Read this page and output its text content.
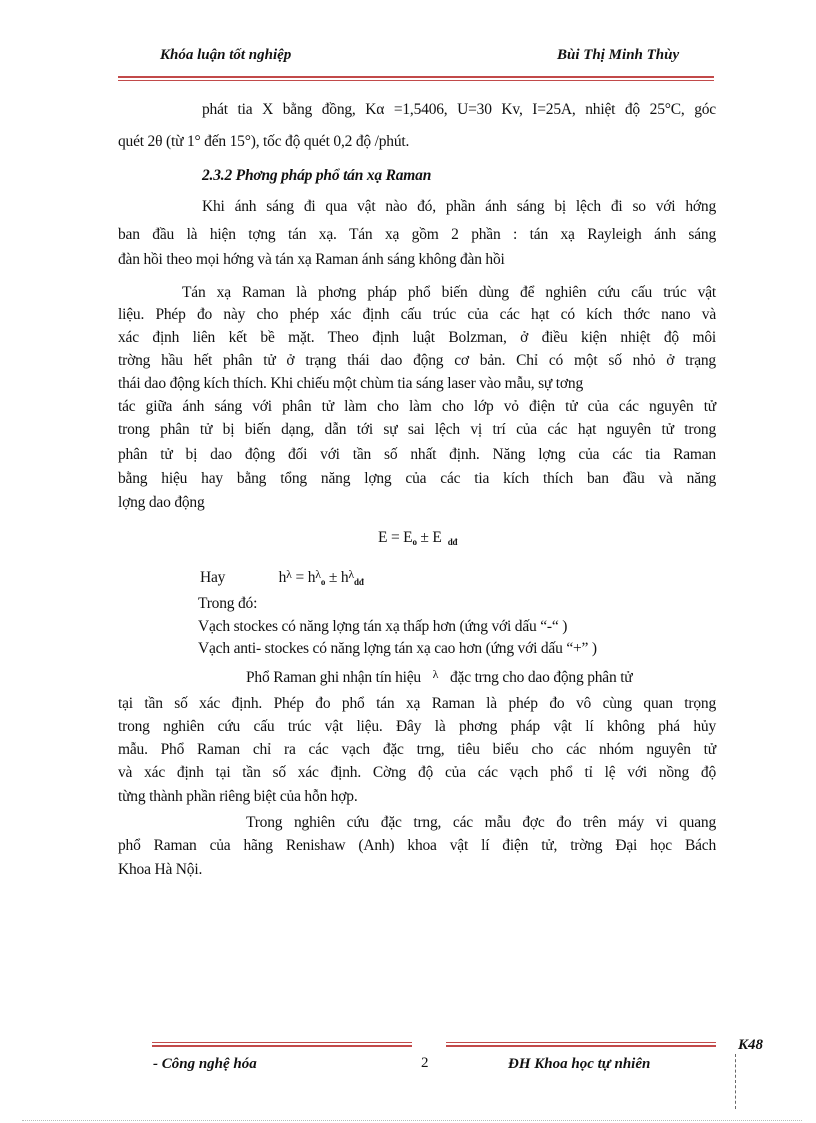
Khóa luận tốt nghiệp	Bùi Thị Minh Thùy
phát tia X bằng đồng, Kα =1,5406, U=30 Kv, I=25A, nhiệt độ 25°C, góc
quét 2θ (từ 1° đến 15°), tốc độ quét 0,2 độ /phút.
2.3.2 Phơng pháp phổ tán xạ Raman
Khi ánh sáng đi qua vật nào đó, phần ánh sáng bị lệch đi so với hớng
ban đầu là hiện tợng tán xạ. Tán xạ gồm 2 phần : tán xạ Rayleigh ánh sáng
đàn hồi theo mọi hớng và tán xạ Raman ánh sáng không đàn hồi
Tán xạ Raman là phơng pháp phổ biến dùng để nghiên cứu cấu trúc vật
liệu. Phép đo này cho phép xác định cấu trúc của các hạt có kích thớc nano và
xác định liên kết bề mặt. Theo định luật Bolzman, ở điều kiện nhiệt độ môi
trờng hầu hết phân tử ở trạng thái dao động cơ bản. Chỉ có một số nhỏ ở trạng
thái dao động kích thích. Khi chiếu một chùm tia sáng laser vào mẫu, sự tơng
tác giữa ánh sáng với phân tử làm cho làm cho lớp vỏ điện tử của các nguyên tử
trong phân tử bị biến dạng, dẫn tới sự sai lệch vị trí của các hạt nguyên tử trong
phân tử bị dao động đối với tần số nhất định. Năng lợng của các tia Raman
bằng hiệu hay bằng tổng năng lợng của các tia kích thích ban đầu và năng
lợng dao động
$E = E_o \pm E$ $_{dđ}$
Hay	$h^\lambda = h^\lambda_o \pm h^\lambda_{dđ}$
Trong đó:
Vạch stockes có năng lợng tán xạ thấp hơn (ứng với dấu “-“ )
Vạch anti- stockes có năng lợng tán xạ cao hơn (ứng với dấu “+” )
Phổ Raman ghi nhận tín hiệu $^\lambda$ đặc trng cho dao động phân tử
tại tần số xác định. Phép đo phổ tán xạ Raman là phép đo vô cùng quan trọng
trong nghiên cứu cấu trúc vật liệu. Đây là phơng pháp vật lí không phá hủy
mẫu. Phổ Raman chỉ ra các vạch đặc trng, tiêu biểu cho các nhóm nguyên tử
và xác định tại tần số xác định. Cờng độ của các vạch phổ tỉ lệ với nồng độ
từng thành phần riêng biệt của hỗn hợp.
Trong nghiên cứu đặc trng, các mẫu đợc đo trên máy vi quang
phổ Raman của hãng Renishaw (Anh) khoa vật lí điện tử, trờng Đại học Bách
Khoa Hà Nội.
K48
- Công nghệ hóa	2	ĐH Khoa học tự nhiên
